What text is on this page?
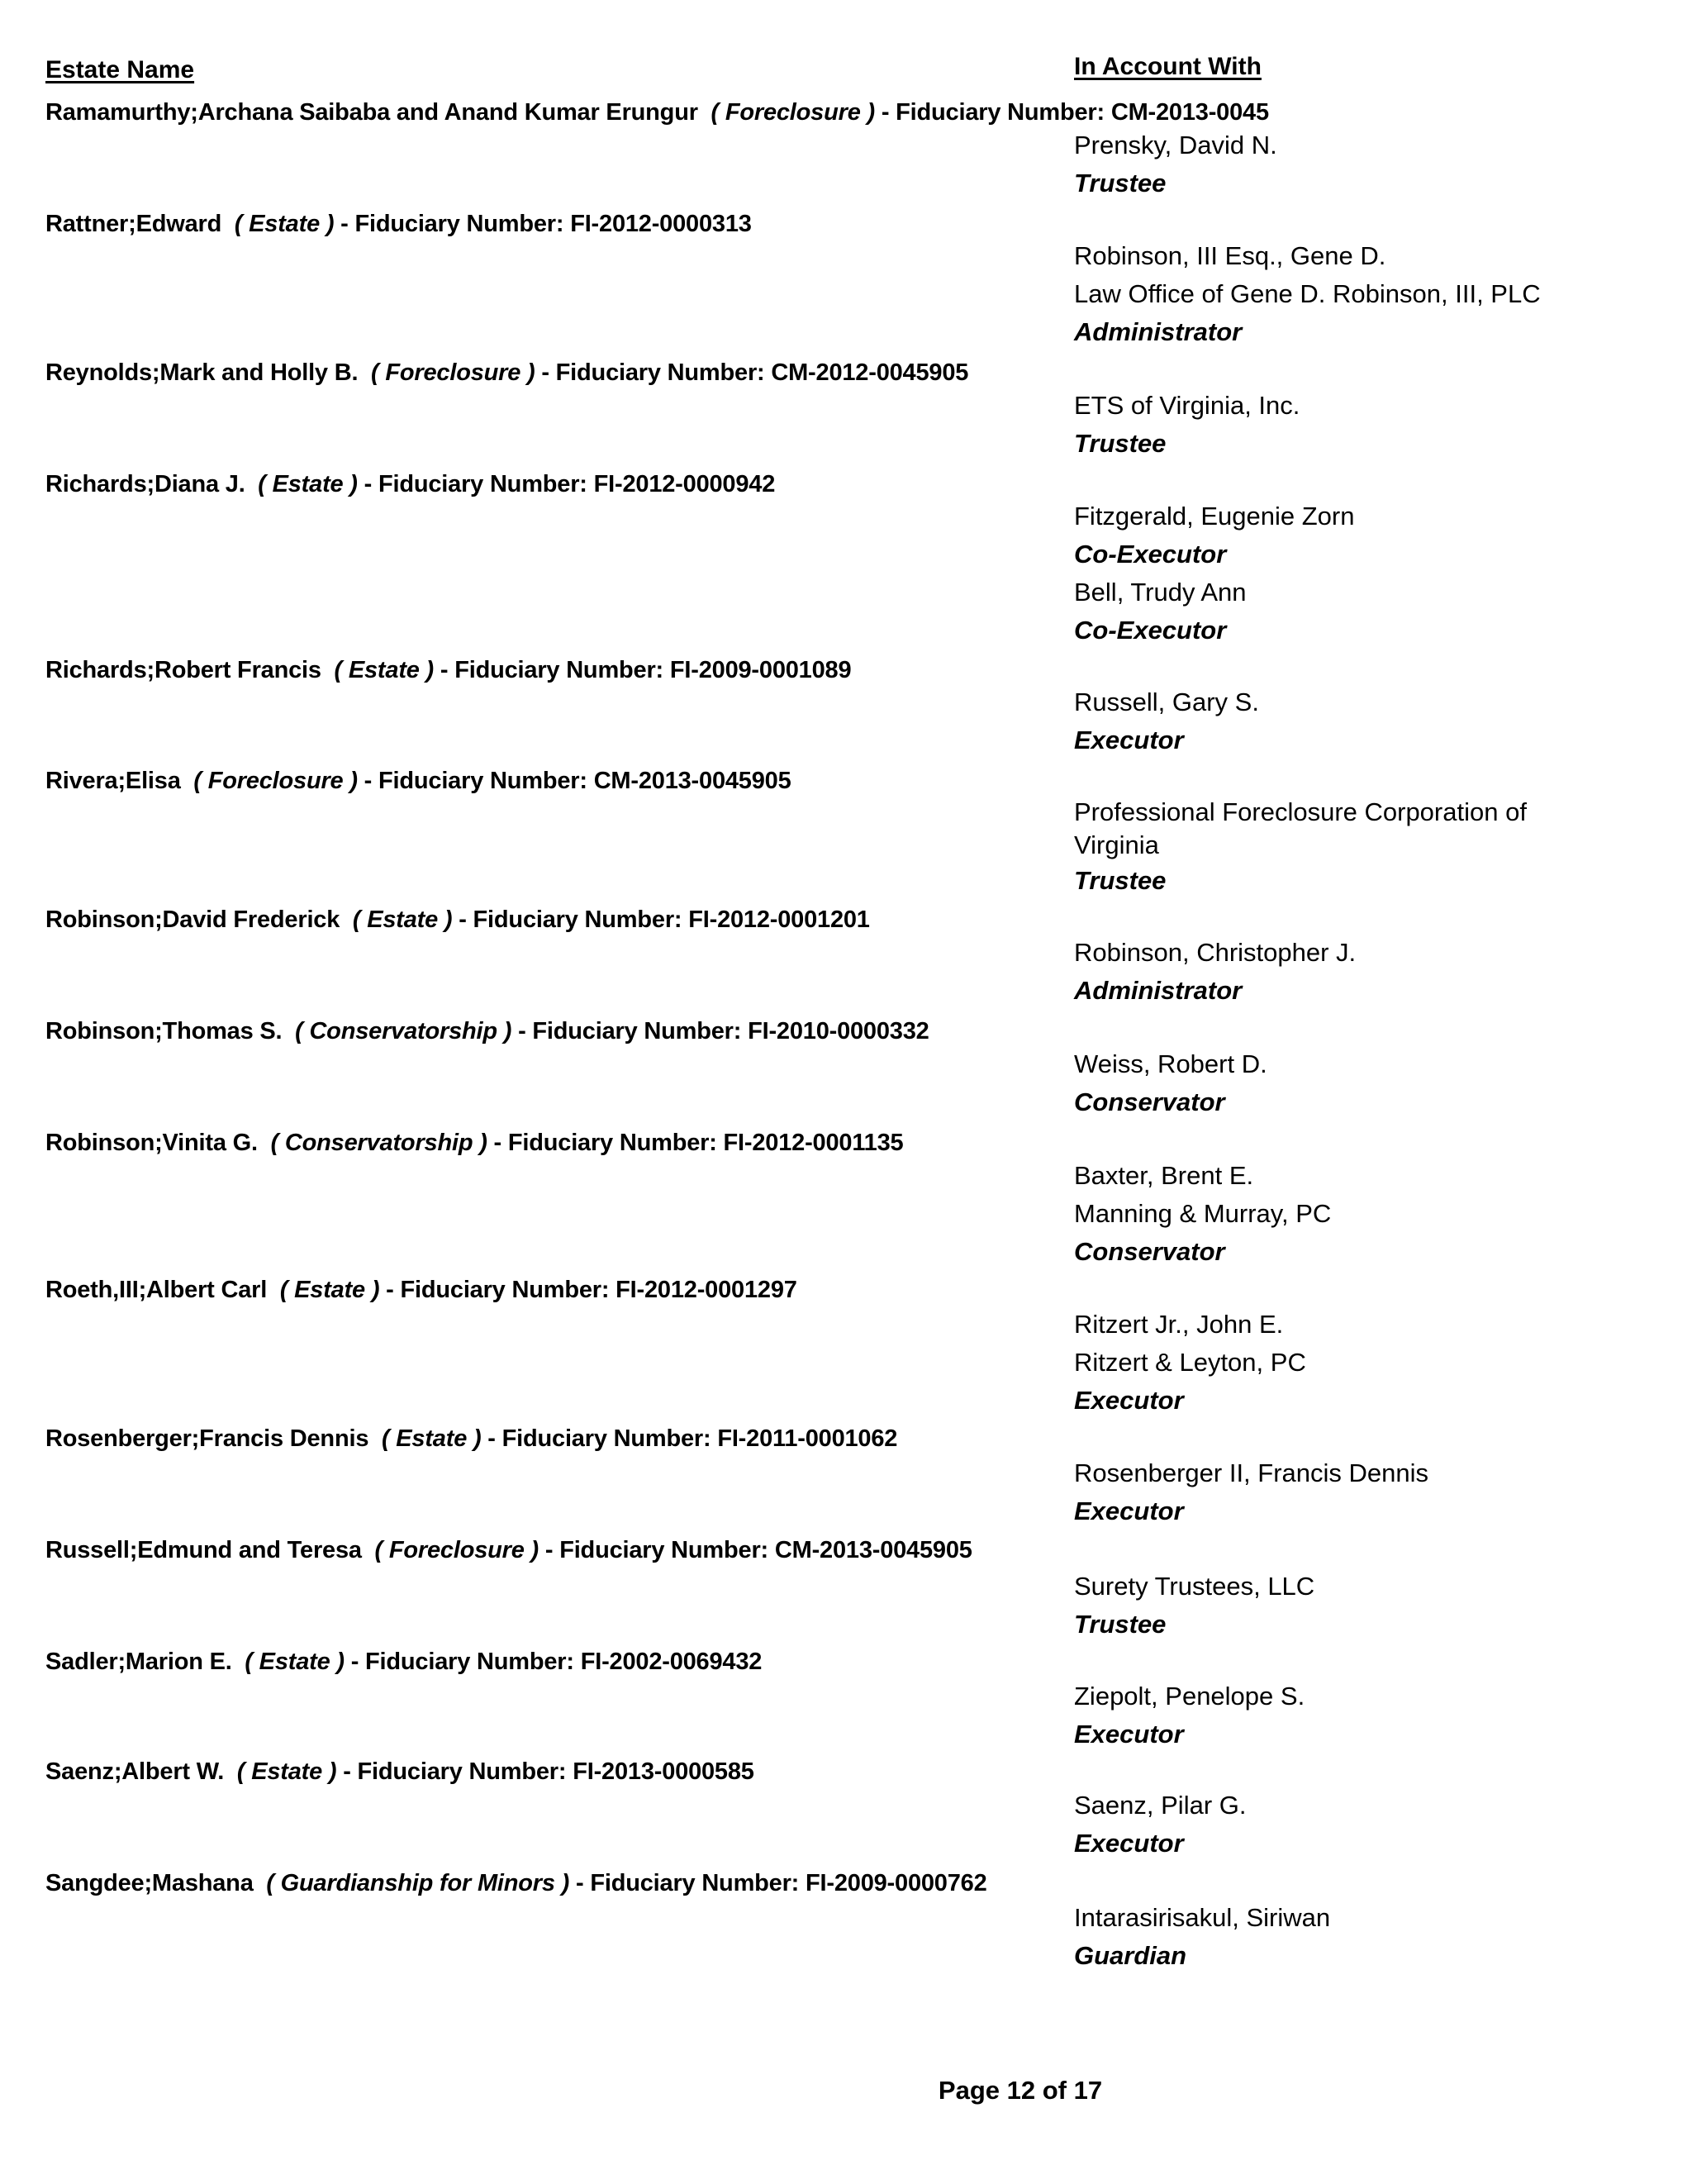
Estate Name	In Account With
Ramamurthy;Archana Saibaba and Anand Kumar Erungur  ( Foreclosure ) - Fiduciary Number: CM-2013-0045
Prensky, David N.
Trustee
Rattner;Edward  ( Estate ) - Fiduciary Number: FI-2012-0000313
Robinson, III Esq., Gene D.
Law Office of Gene D. Robinson, III, PLC
Administrator
Reynolds;Mark and Holly B.  ( Foreclosure ) - Fiduciary Number: CM-2012-0045905
ETS of Virginia, Inc.
Trustee
Richards;Diana J.  ( Estate ) - Fiduciary Number: FI-2012-0000942
Fitzgerald, Eugenie Zorn
Co-Executor
Bell, Trudy Ann
Co-Executor
Richards;Robert Francis  ( Estate ) - Fiduciary Number: FI-2009-0001089
Russell, Gary S.
Executor
Rivera;Elisa  ( Foreclosure ) - Fiduciary Number: CM-2013-0045905
Professional Foreclosure Corporation of Virginia
Trustee
Robinson;David Frederick  ( Estate ) - Fiduciary Number: FI-2012-0001201
Robinson, Christopher J.
Administrator
Robinson;Thomas S.  ( Conservatorship ) - Fiduciary Number: FI-2010-0000332
Weiss, Robert D.
Conservator
Robinson;Vinita G.  ( Conservatorship ) - Fiduciary Number: FI-2012-0001135
Baxter, Brent E.
Manning & Murray, PC
Conservator
Roeth,III;Albert Carl  ( Estate ) - Fiduciary Number: FI-2012-0001297
Ritzert Jr., John E.
Ritzert & Leyton, PC
Executor
Rosenberger;Francis Dennis  ( Estate ) - Fiduciary Number: FI-2011-0001062
Rosenberger II, Francis Dennis
Executor
Russell;Edmund and Teresa  ( Foreclosure ) - Fiduciary Number: CM-2013-0045905
Surety Trustees, LLC
Trustee
Sadler;Marion E.  ( Estate ) - Fiduciary Number: FI-2002-0069432
Ziepolt, Penelope S.
Executor
Saenz;Albert W.  ( Estate ) - Fiduciary Number: FI-2013-0000585
Saenz, Pilar G.
Executor
Sangdee;Mashana  ( Guardianship for Minors ) - Fiduciary Number: FI-2009-0000762
Intarasirisakul, Siriwan
Guardian
Page 12 of 17
